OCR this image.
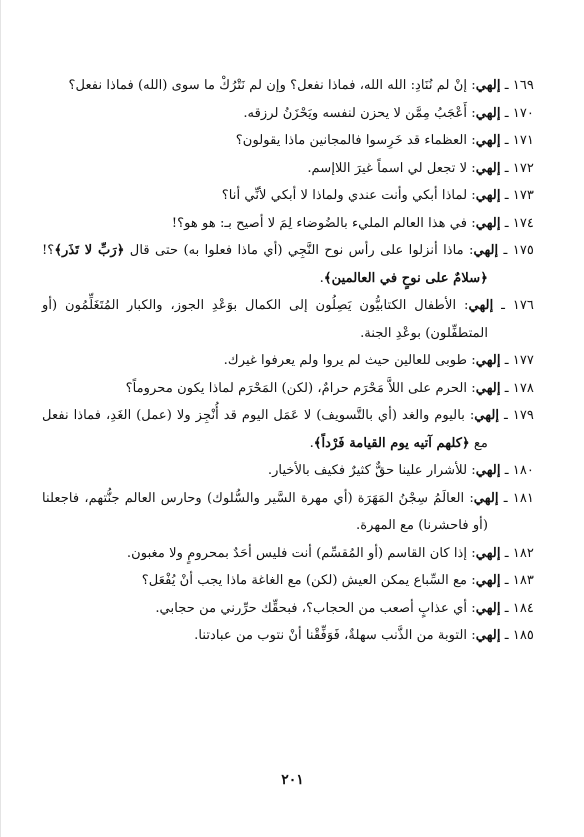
١٦٩ ـ إلهي: إنْ لم نُنَادِ: الله الله، فماذا نفعل؟ وإن لم نَتْرُكْ ما سوى (الله) فماذا نفعل؟

١٧٠ ـ إلهي: أَعْجَبُ مِمَّن لا يحزن لنفسه ويَحْزَنُ لرزقه.

١٧١ ـ إلهي: العظماء قد خَرِسوا فالمجانين ماذا يقولون؟

١٧٢ ـ إلهي: لا تجعل لي اسماً غيرَ اللاإسم.

١٧٣ ـ إلهي: لماذا أبكي وأنت عندي ولماذا لا أبكي لأنِّي أنا؟

١٧٤ ـ إلهي: في هذا العالم المليء بالضُوضاء لِمَ لا أصيح بـ: هو هو؟!

١٧٥ ـ إلهي: ماذا أنزلوا على رأس نوح النَّجِي (أي ماذا فعلوا به) حتى قال ﴿رَبِّ لا تَذَر﴾؟! ﴿سلامٌ على نوحٍ في العالمين﴾.

١٧٦ ـ إلهي: الأطفال الكتابيُّون يَصِلُون إلى الكمال بوَعْدِ الجوز، والكبار المُتَغَلِّمُون (أو المتطفِّلون) بوعْدِ الجنة.

١٧٧ ـ إلهي: طوبى للعالين حيث لم يروا ولم يعرفوا غيرك.

١٧٨ ـ إلهي: الحرم على اللاَّ مَحْرَم حرامٌ، (لكن) المَحْرَم لماذا يكون محروماً؟

١٧٩ ـ إلهي: باليوم والغد (أي بالتَّسويف) لا عَمَل اليوم قد أُنْجِز ولا (عمل) الغَدِ، فماذا نفعل مع ﴿كلهم آتيه يوم القيامة فَرْداً﴾.

١٨٠ ـ إلهي: للأشرار علينا حقٌّ كثيرٌ فكيف بالأخيار.

١٨١ ـ إلهي: العالَمُ سِجْنُ المَهَرَة (أي مهرة السَّير والسُّلوك) وحارس العالم جنُّتهم، فاجعلنا (أو فاحشرنا) مع المهرة.

١٨٢ ـ إلهي: إذا كان القاسم (أو المُقسِّم) أنت فليس أحَدٌ بمحرومٍ ولا مغبون.

١٨٣ ـ إلهي: مع السِّباع يمكن العيش (لكن) مع الغاغة ماذا يجب أنْ يُفْعَل؟

١٨٤ ـ إلهي: أي عذابٍ أصعب من الحجاب؟، فبحقِّك حرِّرني من حجابي.

١٨٥ ـ إلهي: التوبة من الذَّنب سهلةٌ، فَوَفِّقْنا أنْ نتوب من عبادتنا.

٢٠١
